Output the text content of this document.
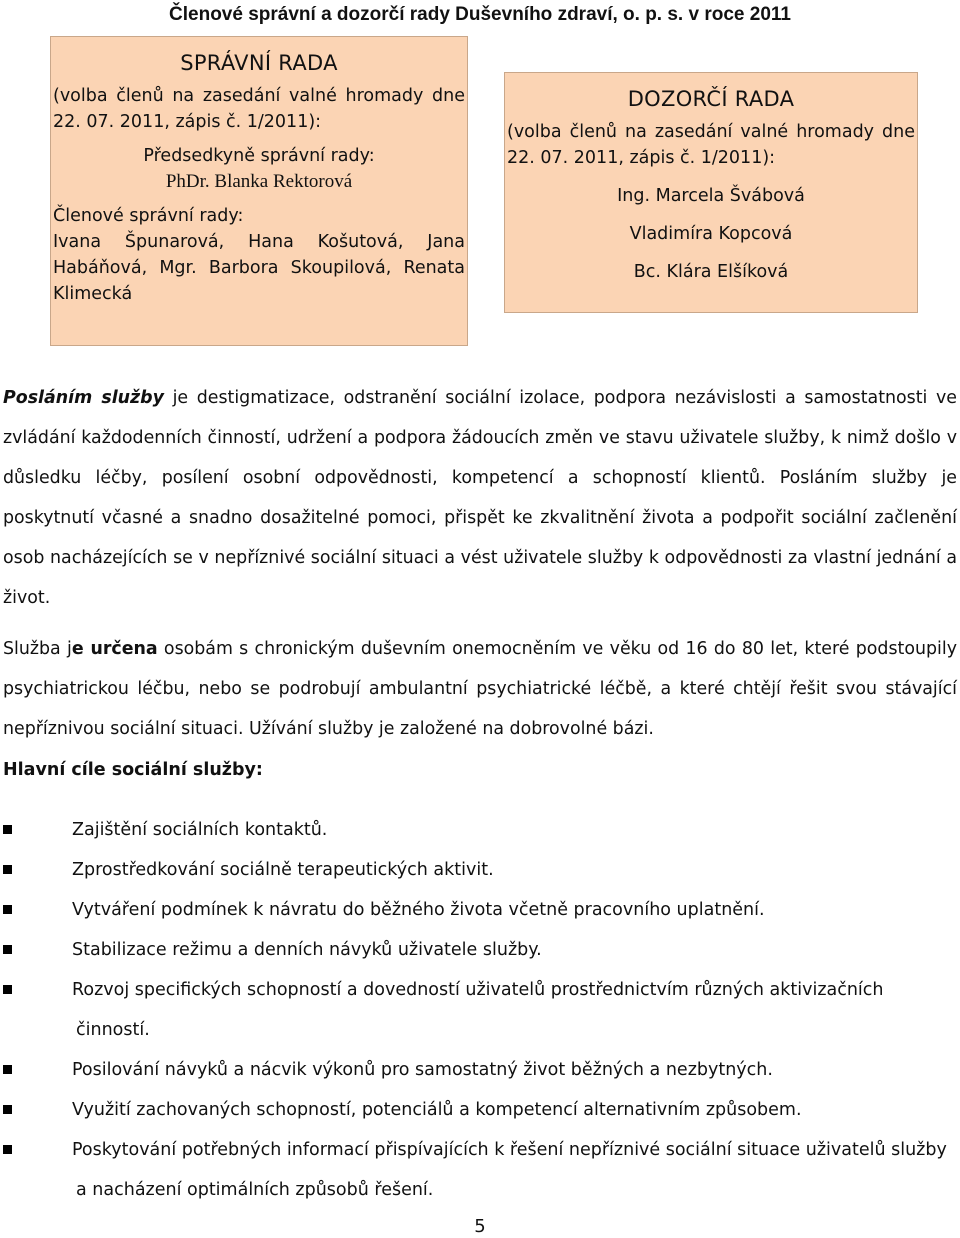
Členové správní a dozorčí rady Duševního zdraví, o. p. s. v roce 2011
SPRÁVNÍ RADA
(volba členů na zasedání valné hromady dne 22. 07. 2011, zápis č. 1/2011):
Předsedkyně správní rady:
PhDr. Blanka Rektorová
Členové správní rady:
Ivana Špunarová, Hana Košutová, Jana Habáňová, Mgr. Barbora Skoupilová, Renata Klimecká
DOZORČÍ RADA
(volba členů na zasedání valné hromady dne 22. 07. 2011, zápis č. 1/2011):
Ing. Marcela Švábová
Vladimíra Kopcová
Bc. Klára Elšíková

Posláním služby je destigmatizace, odstranění sociální izolace, podpora nezávislosti a samostatnosti ve zvládání každodenních činností, udržení a podpora žádoucích změn ve stavu uživatele služby, k nimž došlo v důsledku léčby, posílení osobní odpovědnosti, kompetencí a schopností klientů. Posláním služby je poskytnutí včasné a snadno dosažitelné pomoci, přispět ke zkvalitnění života a podpořit sociální začlenění osob nacházejících se v nepříznivé sociální situaci a vést uživatele služby k odpovědnosti za vlastní jednání a život.

Služba je určena osobám s chronickým duševním onemocněním ve věku od 16 do 80 let, které podstoupily psychiatrickou léčbu, nebo se podrobují ambulantní psychiatrické léčbě, a které chtějí řešit svou stávající nepříznivou sociální situaci. Užívání služby je založené na dobrovolné bázi.

Hlavní cíle sociální služby:
Zajištění sociálních kontaktů.
Zprostředkování sociálně terapeutických aktivit.
Vytváření podmínek k návratu do běžného života včetně pracovního uplatnění.
Stabilizace režimu a denních návyků uživatele služby.
Rozvoj specifických schopností a dovedností uživatelů prostřednictvím různých aktivizačních
činností.
Posilování návyků a nácvik výkonů pro samostatný život běžných a nezbytných.
Využití zachovaných schopností, potenciálů a kompetencí alternativním způsobem.
Poskytování potřebných informací přispívajících k řešení nepříznivé sociální situace uživatelů služby
a nacházení optimálních způsobů řešení.
5
